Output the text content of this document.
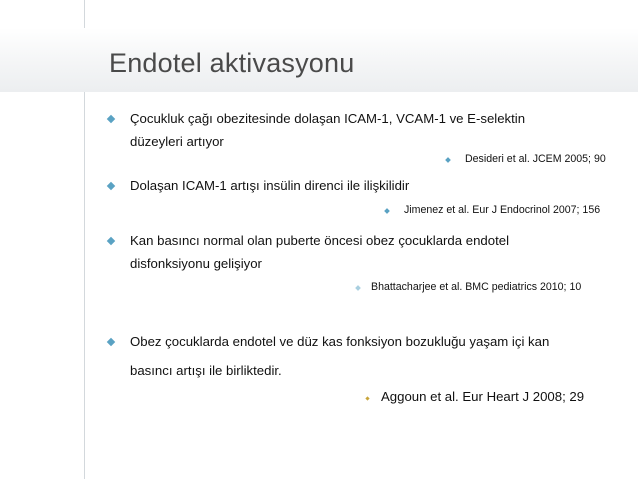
Endotel aktivasyonu
Çocukluk çağı obezitesinde dolaşan ICAM-1, VCAM-1 ve E-selektin
düzeyleri artıyor
Desideri et al. JCEM 2005; 90
Dolaşan ICAM-1 artışı insülin direnci ile ilişkilidir
Jimenez et al. Eur J Endocrinol 2007; 156
Kan basıncı normal olan puberte öncesi obez çocuklarda endotel
disfonksiyonu gelişiyor
Bhattacharjee et al. BMC pediatrics 2010; 10
Obez çocuklarda endotel ve düz kas fonksiyon bozukluğu yaşam içi kan
basıncı artışı ile birliktedir.
Aggoun et al. Eur Heart J 2008; 29
